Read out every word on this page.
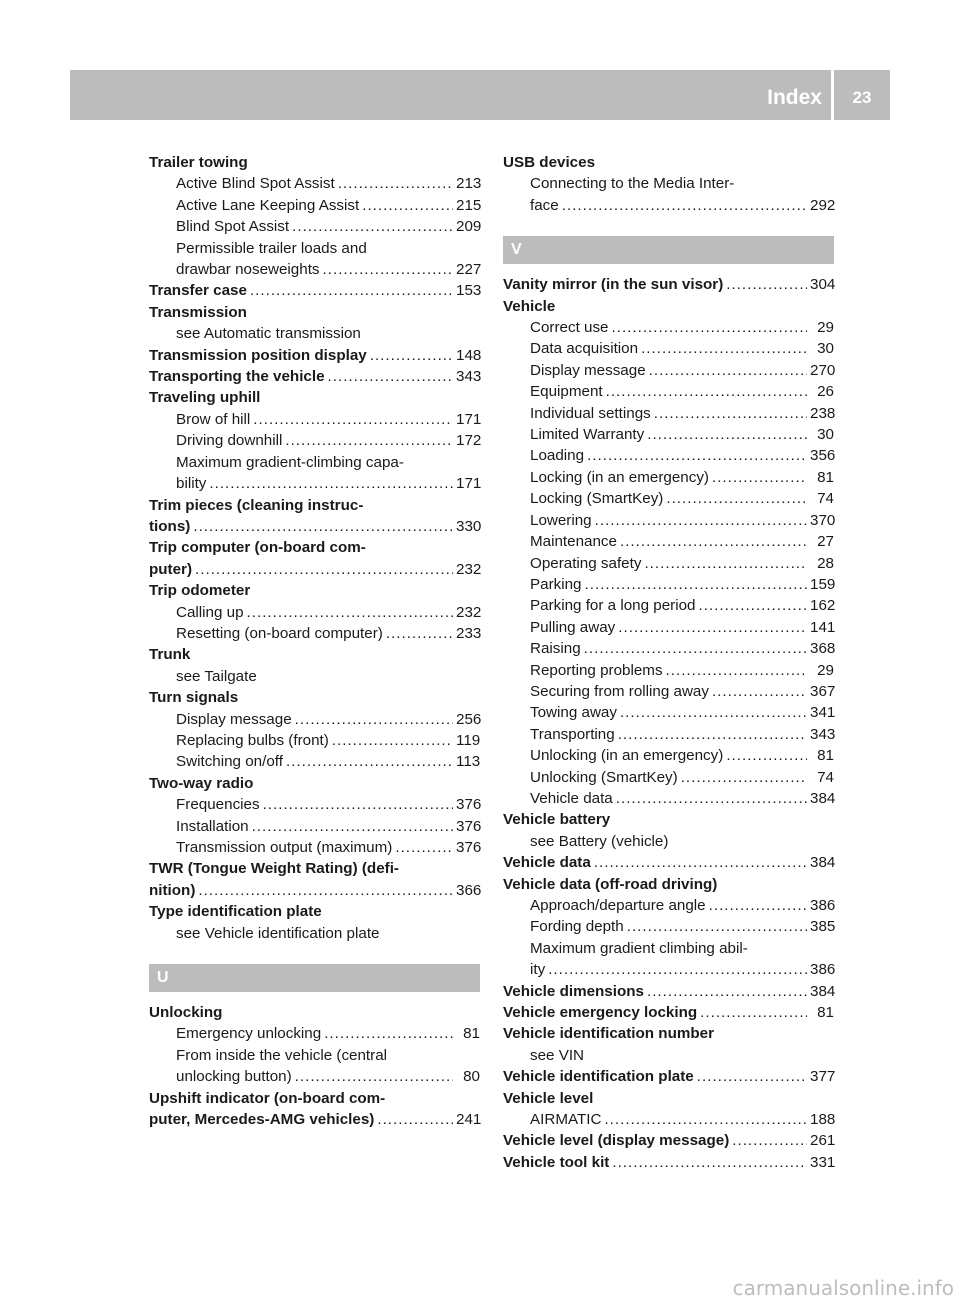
Index	23
Trailer towing
Active Blind Spot Assist .....	213
Active Lane Keeping Assist .....	215
Blind Spot Assist .....	209
Permissible trailer loads and
drawbar noseweights .....	227
Transfer case .....	153
Transmission
see Automatic transmission
Transmission position display .....	148
Transporting the vehicle .....	343
Traveling uphill
Brow of hill .....	171
Driving downhill .....	172
Maximum gradient-climbing capa-
bility .....	171
Trim pieces (cleaning instruc-
tions) .....	330
Trip computer (on-board com-
puter) .....	232
Trip odometer
Calling up .....	232
Resetting (on-board computer) .....	233
Trunk
see Tailgate
Turn signals
Display message .....	256
Replacing bulbs (front) .....	119
Switching on/off .....	113
Two-way radio
Frequencies .....	376
Installation .....	376
Transmission output (maximum) .....	376
TWR (Tongue Weight Rating) (defi-
nition) .....	366
Type identification plate
see Vehicle identification plate
U
Unlocking
Emergency unlocking .....	81
From inside the vehicle (central
unlocking button) .....	80
Upshift indicator (on-board com-
puter, Mercedes-AMG vehicles) .....	241
USB devices
Connecting to the Media Inter-
face .....	292
V
Vanity mirror (in the sun visor) .....	304
Vehicle
Correct use .....	29
Data acquisition .....	30
Display message .....	270
Equipment .....	26
Individual settings .....	238
Limited Warranty .....	30
Loading .....	356
Locking (in an emergency) .....	81
Locking (SmartKey) .....	74
Lowering .....	370
Maintenance .....	27
Operating safety .....	28
Parking .....	159
Parking for a long period .....	162
Pulling away .....	141
Raising .....	368
Reporting problems .....	29
Securing from rolling away .....	367
Towing away .....	341
Transporting .....	343
Unlocking (in an emergency) .....	81
Unlocking (SmartKey) .....	74
Vehicle data .....	384
Vehicle battery
see Battery (vehicle)
Vehicle data .....	384
Vehicle data (off-road driving)
Approach/departure angle .....	386
Fording depth .....	385
Maximum gradient climbing abil-
ity .....	386
Vehicle dimensions .....	384
Vehicle emergency locking .....	81
Vehicle identification number
see VIN
Vehicle identification plate .....	377
Vehicle level
AIRMATIC .....	188
Vehicle level (display message) .....	261
Vehicle tool kit .....	331
carmanualsonline.info
